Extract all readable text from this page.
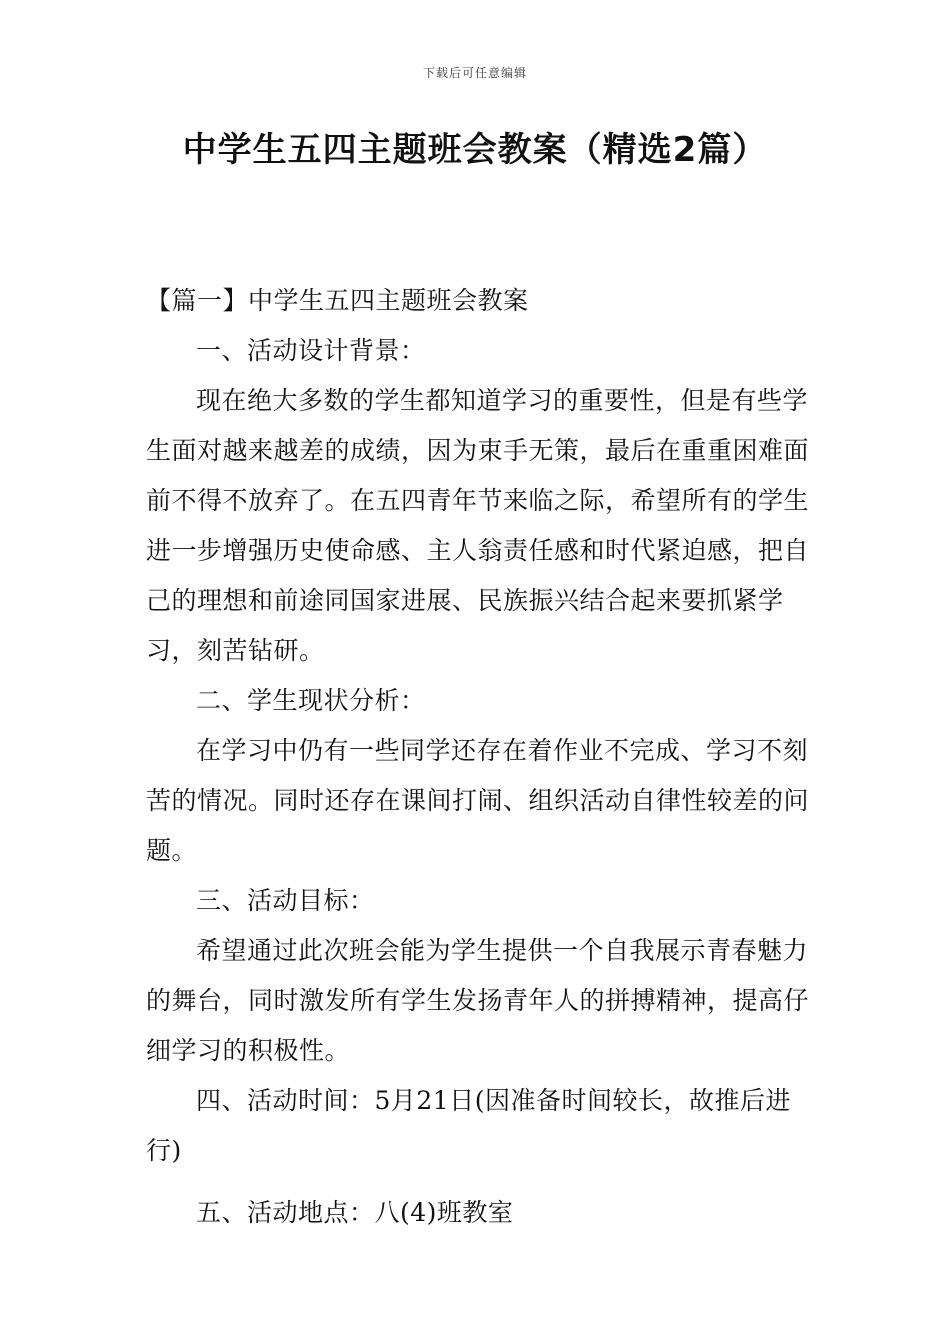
下载后可任意编辑
中学生五四主题班会教案（精选2篇）
【篇一】中学生五四主题班会教案

一、活动设计背景：

现在绝大多数的学生都知道学习的重要性，但是有些学生面对越来越差的成绩，因为束手无策，最后在重重困难面前不得不放弃了。在五四青年节来临之际，希望所有的学生进一步增强历史使命感、主人翁责任感和时代紧迫感，把自己的理想和前途同国家进展、民族振兴结合起来要抓紧学习，刻苦钻研。

二、学生现状分析：

在学习中仍有一些同学还存在着作业不完成、学习不刻苦的情况。同时还存在课间打闹、组织活动自律性较差的问题。

三、活动目标：

希望通过此次班会能为学生提供一个自我展示青春魅力的舞台，同时激发所有学生发扬青年人的拼搏精神，提高仔细学习的积极性。

四、活动时间：5月21日(因准备时间较长，故推后进行)

五、活动地点：八(4)班教室
